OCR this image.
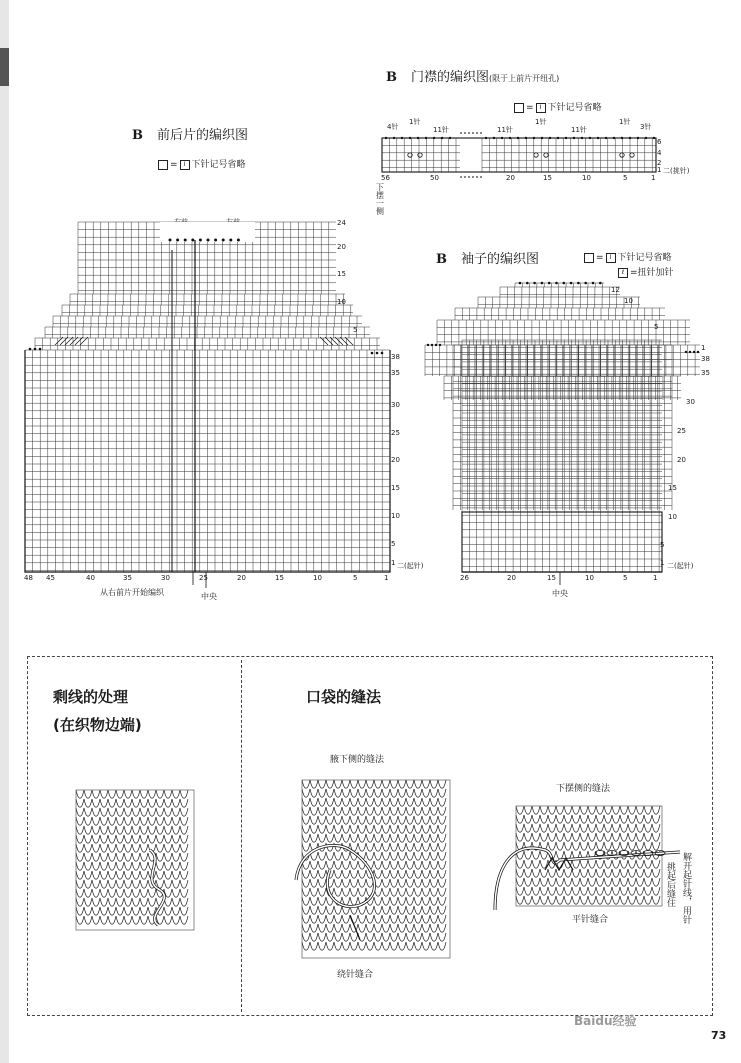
B 前后片的编织图
= I 下针记号省略
24
20
15
10
5
38
35
30
25
20
15
10
5
1 二(起针)
48 45	40	35	30	25	20	15	10	5	1
从右前片开始编织	中央
B 门襟的编织图(限于上前片开纽孔)
= I 下针记号省略
4针
1针
11针	11针
1针
11针
1针
3针
6
4
2
1 二(挑针)
56	50	20	15	10	5	1
下摆一侧
B 袖子的编织图	= I 下针记号省略
ℓ =扭针加针
12
10
5
1
38
35
30
25
20
15
10
5
1 二(起针)
26	20	15	10	5	1
中央
剩线的处理
(在织物边端)
口袋的缝法
腋下侧的缝法
绕针缝合
下摆侧的缝法
平针缝合
挑起后缝住 解开起针线，用针
Baidu经验
73
